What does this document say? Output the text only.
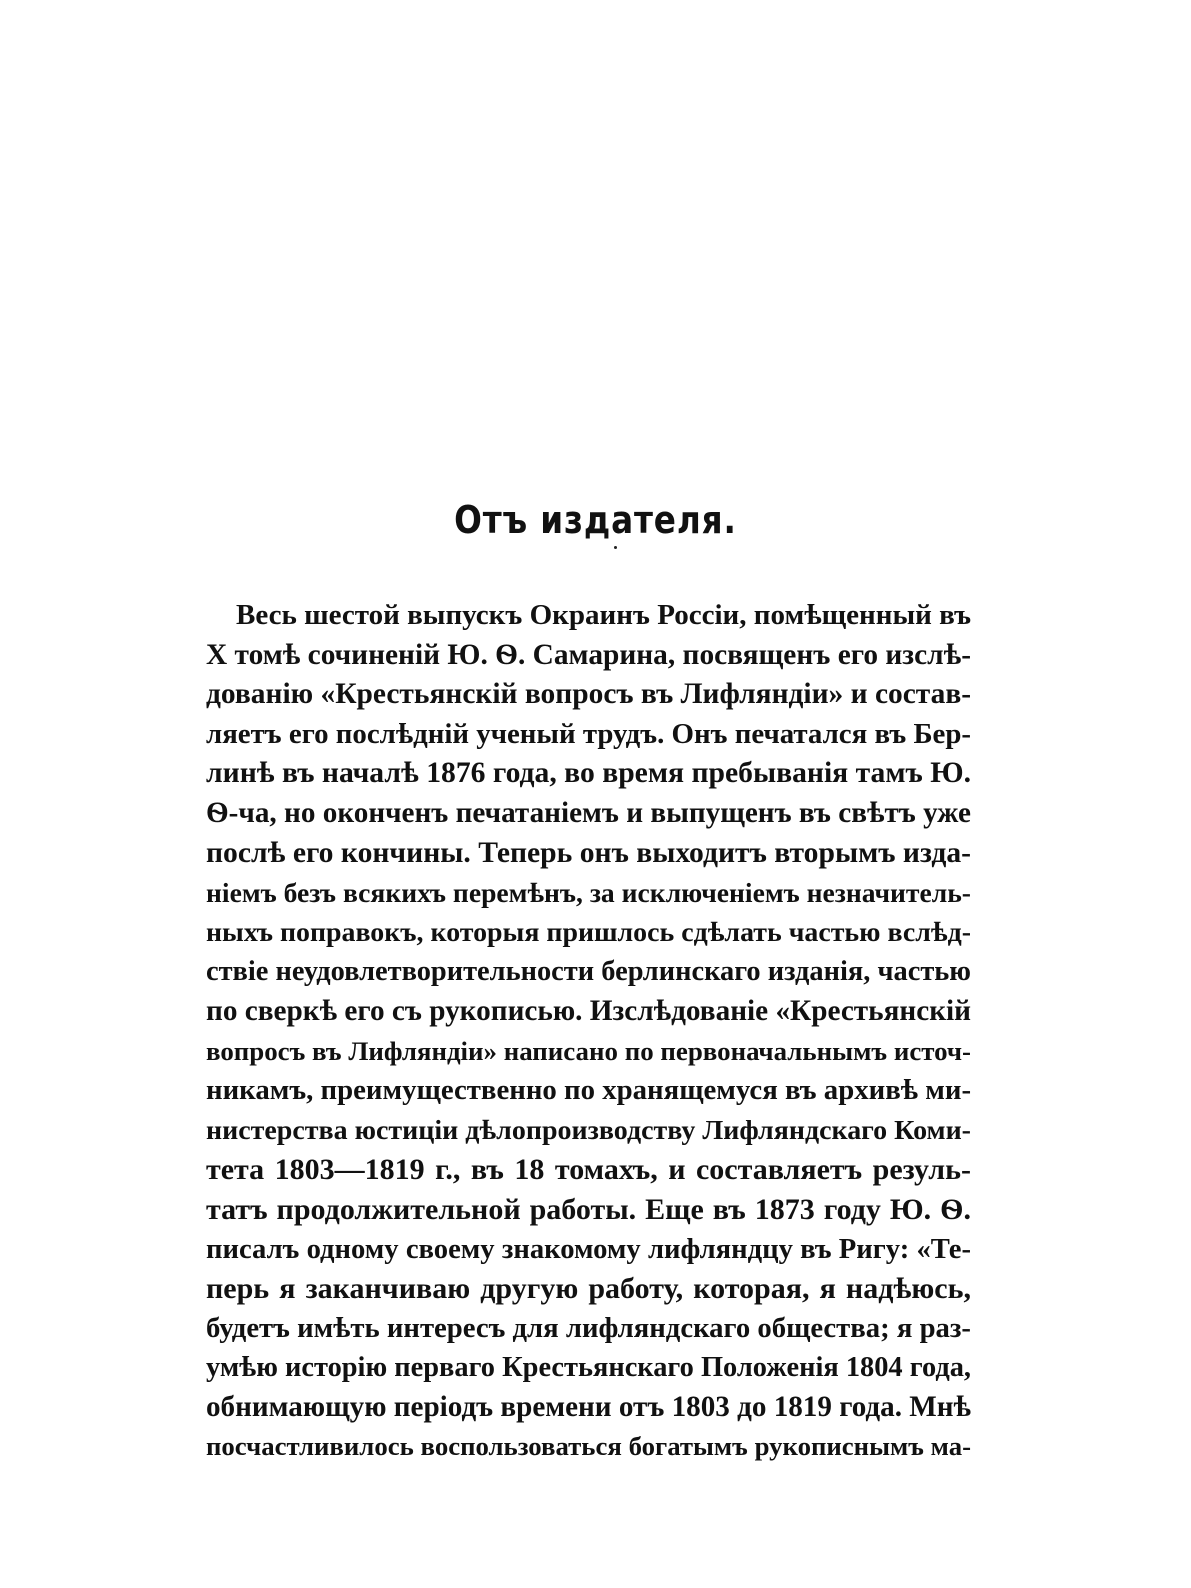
Отъ издателя.
Весь шестой выпускъ Окраинъ Россіи, помѣщенный въ
X томѣ сочиненій Ю. Ѳ. Самарина, посвященъ его изслѣ-
дованію «Крестьянскій вопросъ въ Лифляндіи» и состав-
ляетъ его послѣдній ученый трудъ. Онъ печатался въ Бер-
линѣ въ началѣ 1876 года, во время пребыванія тамъ Ю.
Ѳ-ча, но оконченъ печатаніемъ и выпущенъ въ свѣтъ уже
послѣ его кончины. Теперь онъ выходитъ вторымъ изда-
ніемъ безъ всякихъ перемѣнъ, за исключеніемъ незначитель-
ныхъ поправокъ, которыя пришлось сдѣлать частью вслѣд-
ствіе неудовлетворительности берлинскаго изданія, частью
по сверкѣ его съ рукописью. Изслѣдованіе «Крестьянскій
вопросъ въ Лифляндіи» написано по первоначальнымъ источ-
никамъ, преимущественно по хранящемуся въ архивѣ ми-
нистерства юстиціи дѣлопроизводству Лифляндскаго Коми-
тета 1803—1819 г., въ 18 томахъ, и составляетъ резуль-
татъ продолжительной работы. Еще въ 1873 году Ю. Ѳ.
писалъ одному своему знакомому лифляндцу въ Ригу: «Те-
перь я заканчиваю другую работу, которая, я надѣюсь,
будетъ имѣть интересъ для лифляндскаго общества; я раз-
умѣю исторію перваго Крестьянскаго Положенія 1804 года,
обнимающую періодъ времени отъ 1803 до 1819 года. Мнѣ
посчастливилось воспользоваться богатымъ рукописнымъ ма-
